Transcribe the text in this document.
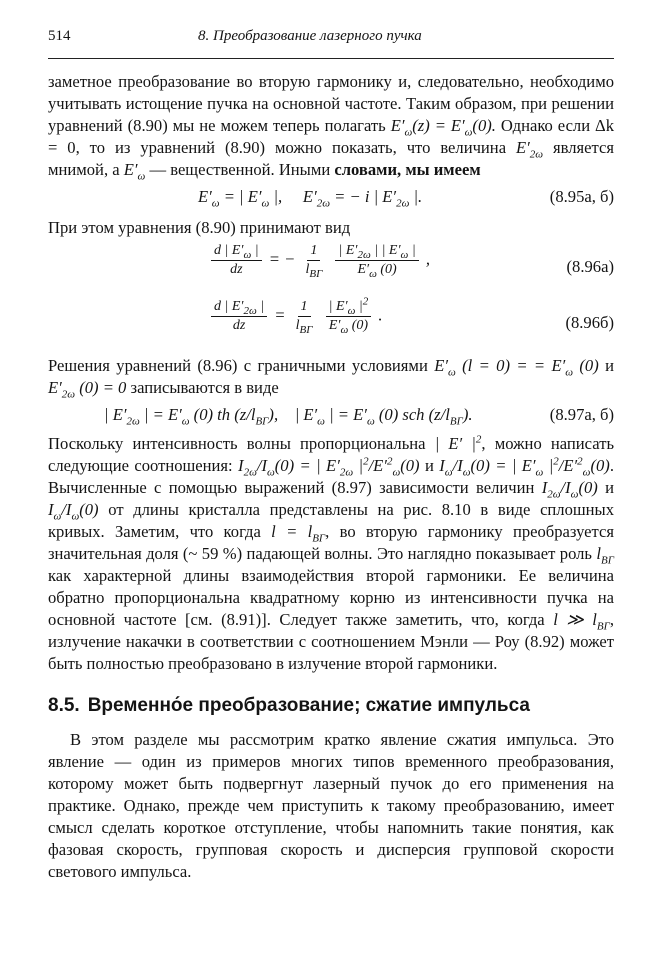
514	8. Преобразование лазерного пучка

заметное преобразование во вторую гармонику и, следовательно, необходимо учитывать истощение пучка на основной частоте. Таким образом, при решении уравнений (8.90) мы не можем теперь полагать $E'_\omega(z) = E'_\omega(0)$. Однако если Δk = 0, то из уравнений (8.90) можно показать, что величина $E'_{2\omega}$ является мнимой, а $E'_\omega$ — вещественной. Иными словами, мы имеем

$E'_\omega$ = | $E'_\omega$ |,     $E'_{2\omega}$ = − i | $E'_{2\omega}$ |.	(8.95а, б)

При этом уравнения (8.90) принимают вид

$\frac{d | E'_\omega |}{dz}$ = − $\frac{1}{l_{ВГ}}$
$\frac{| E'_{2\omega} | | E'_\omega |}{E'_\omega (0)}$ ,	(8.96а)
$\frac{d | E'_{2\omega} |}{dz} = \frac{1}{l_{ВГ}}$
$\frac{| E'_\omega |^2}{E'_\omega (0)}$ .	(8.96б)

Решения уравнений (8.96) с граничными условиями $E'_\omega$ (l = 0) = = $E'_\omega$ (0) и $E'_{2\omega}$ (0) = 0 записываются в виде

| $E'_{2\omega}$ | = $E'_\omega$ (0) th $(z/l_{ВГ})$,    | $E'_\omega$ | = $E'_\omega$ (0) sch $(z/l_{ВГ})$.	(8.97а, б)

Поскольку интенсивность волны пропорциональна | E′ $|^2$, можно написать следующие соотношения: $I_{2\omega}/I_\omega(0)$ = | $E'_{2\omega}$ $|^2/E'^2_\omega(0)$ и $I_\omega/I_\omega(0)$ = | $E'_\omega$ $|^2/E'^2_\omega(0)$. Вычисленные с помощью выражений (8.97) зависимости величин $I_{2\omega}/I_\omega(0)$ и $I_\omega/I_\omega(0)$ от длины кристалла представлены на рис. 8.10 в виде сплошных кривых. Заметим, что когда $l = l_{ВГ}$, во вторую гармонику преобразуется значительная доля (~ 59 %) падающей волны. Это наглядно показывает роль $l_{ВГ}$ как характерной длины взаимодействия второй гармоники. Ее величина обратно пропорциональна квадратному корню из интенсивности пучка на основной частоте [см. (8.91)]. Следует также заметить, что, когда l ≫ $l_{ВГ}$, излучение накачки в соответствии с соотношением Мэнли — Роу (8.92) может быть полностью преобразовано в излучение второй гармоники.

8.5. Временно́е преобразование; сжатие импульса

В этом разделе мы рассмотрим кратко явление сжатия импульса. Это явление — один из примеров многих типов временного преобразования, которому может быть подвергнут лазерный пучок до его применения на практике. Однако, прежде чем приступить к такому преобразованию, имеет смысл сделать короткое отступление, чтобы напомнить такие понятия, как фазовая скорость, групповая скорость и дисперсия групповой скорости светового импульса.
